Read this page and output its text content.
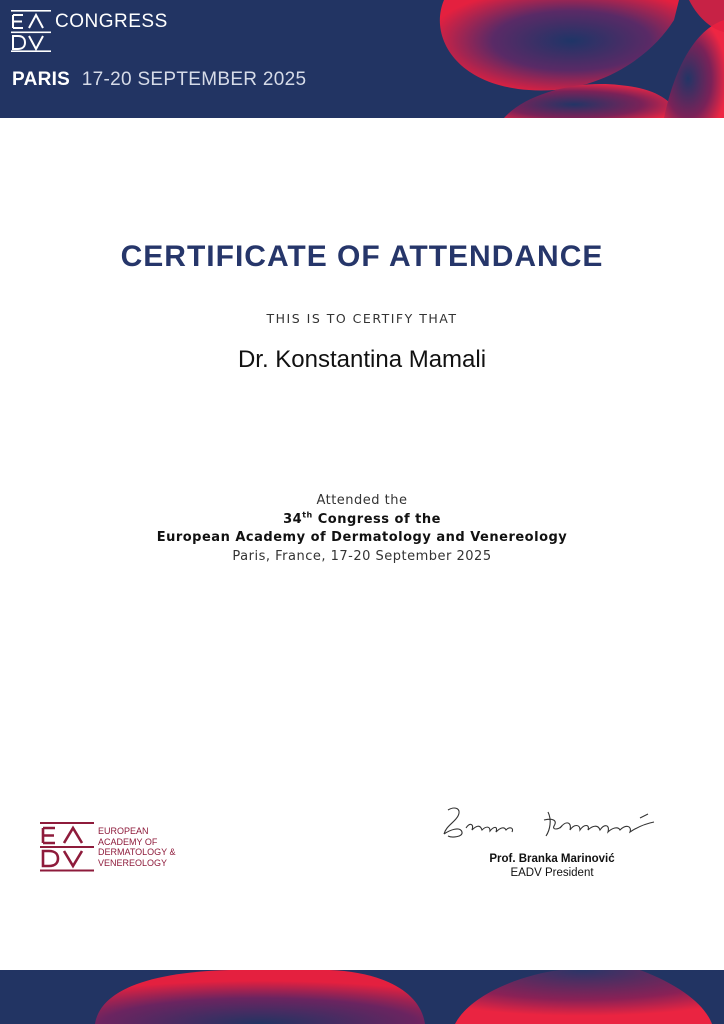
CONGRESS
PARIS 17-20 SEPTEMBER 2025
CERTIFICATE OF ATTENDANCE
THIS IS TO CERTIFY THAT
Dr. Konstantina Mamali
Attended the
34th Congress of the
European Academy of Dermatology and Venereology
Paris, France, 17-20 September 2025
EUROPEAN
ACADEMY OF
DERMATOLOGY &
VENEREOLOGY	Prof. Branka Marinović
EADV President
